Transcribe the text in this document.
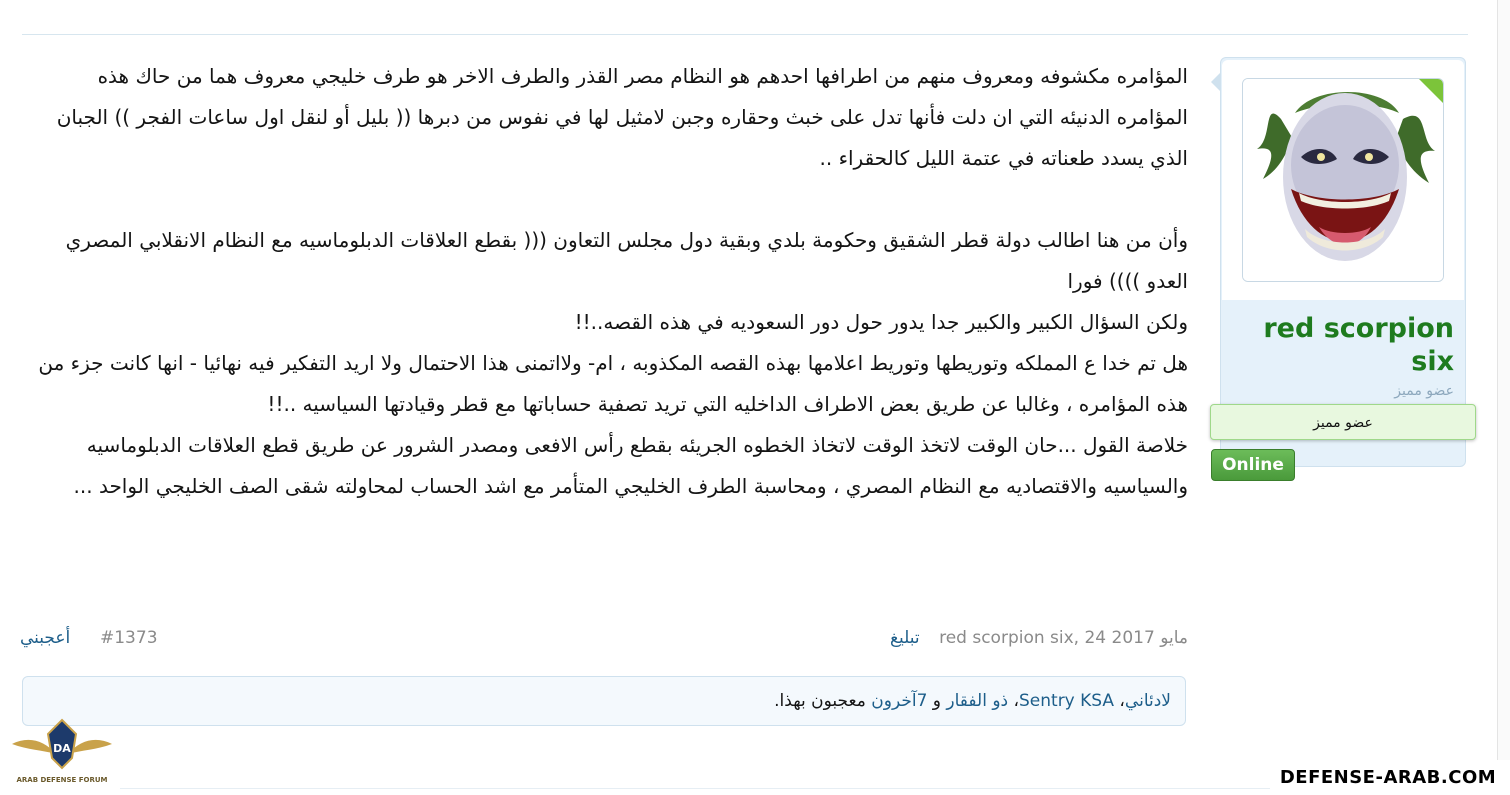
red scorpion six
عضو مميز
عضو مميز
Online

المؤامره مكشوفه ومعروف منهم من اطرافها احدهم هو النظام مصر القذر والطرف الاخر هو طرف خليجي معروف هما من حاك هذه المؤامره الدنيئه التي ان دلت فأنها تدل على خبث وحقاره وجبن لامثيل لها في نفوس من دبرها (( بليل أو لنقل اول ساعات الفجر )) الجبان الذي يسدد طعناته في عتمة الليل كالحقراء ..

وأن من هنا اطالب دولة قطر الشقيق وحكومة بلدي وبقية دول مجلس التعاون ((( بقطع العلاقات الدبلوماسيه مع النظام الانقلابي المصري العدو )))) فورا

ولكن السؤال الكبير والكبير جدا يدور حول دور السعوديه في هذه القصه..!!

هل تم خدا ع المملكه وتوريطها وتوريط اعلامها بهذه القصه المكذوبه ، ام- ولااتمنى هذا الاحتمال ولا اريد التفكير فيه نهائيا - انها كانت جزء من هذه المؤامره ، وغالبا عن طريق بعض الاطراف الداخليه التي تريد تصفية حساباتها مع قطر وقيادتها السياسيه ..!!

خلاصة القول ...حان الوقت لاتخذ الوقت لاتخاذ الخطوه الجريئه بقطع رأس الافعى ومصدر الشرور عن طريق قطع العلاقات الدبلوماسيه والسياسيه والاقتصاديه مع النظام المصري ، ومحاسبة الطرف الخليجي المتأمر مع اشد الحساب لمحاولته شقى الصف الخليجي الواحد ...

تبليغ red scorpion six, 24 مايو 2017
#1373
أعجبني
لادئاني، Sentry KSA، ذو الفقار و 7آخرون معجبون بهذا.
DA
ARAB DEFENSE FORUM	DEFENSE-ARAB.COM
